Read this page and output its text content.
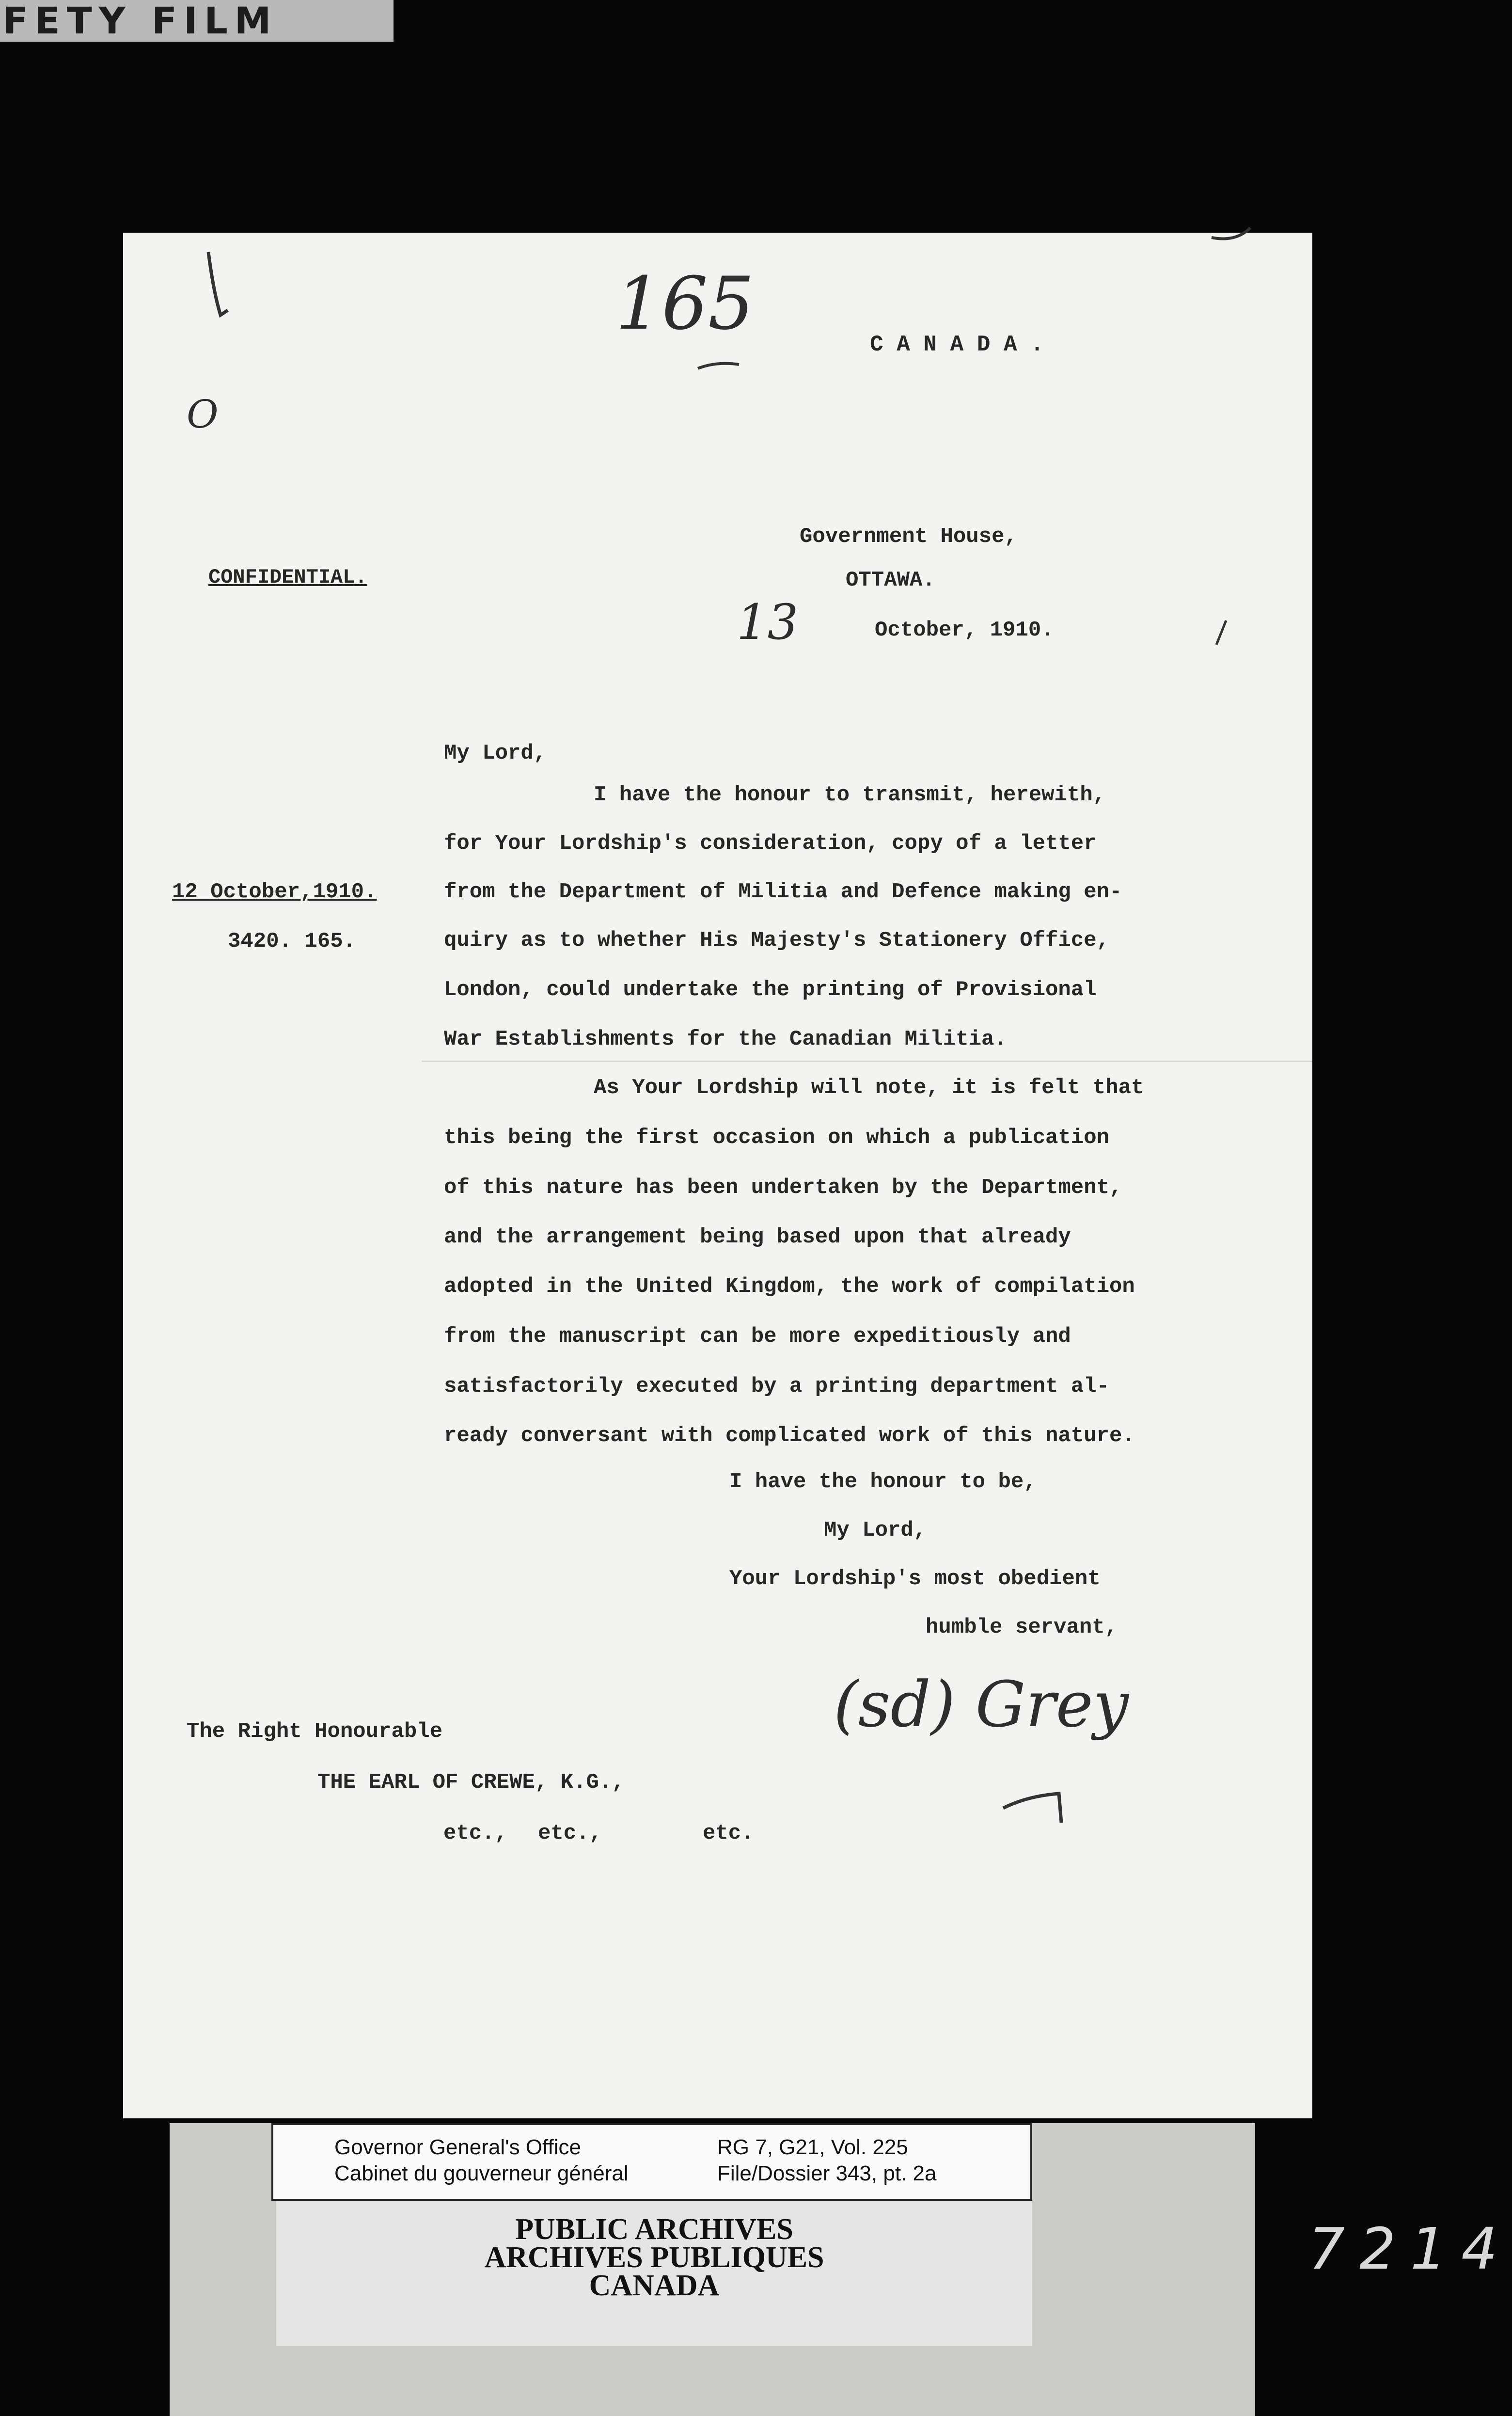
FETY FILM
165
O
C A N A D A .
Government House,
OTTAWA.
CONFIDENTIAL.
13	October, 1910.
My Lord,
12 October,1910.
3420. 165.
I have the honour to transmit, herewith,
for Your Lordship's consideration, copy of a letter
from the Department of Militia and Defence making en-
quiry as to whether His Majesty's Stationery Office,
London, could undertake the printing of Provisional
War Establishments for the Canadian Militia.
As Your Lordship will note, it is felt that
this being the first occasion on which a publication
of this nature has been undertaken by the Department,
and the arrangement being based upon that already
adopted in the United Kingdom, the work of compilation
from the manuscript can be more expeditiously and
satisfactorily executed by a printing department al-
ready conversant with complicated work of this nature.
I have the honour to be,
My Lord,
Your Lordship's most obedient
humble servant,
(sd) Grey
The Right Honourable
THE EARL OF CREWE, K.G.,
etc., etc.,	etc.
Governor General's Office
Cabinet du gouverneur général
RG 7, G21, Vol. 225
File/Dossier 343, pt. 2a
PUBLIC ARCHIVES
ARCHIVES PUBLIQUES
CANADA
7214
